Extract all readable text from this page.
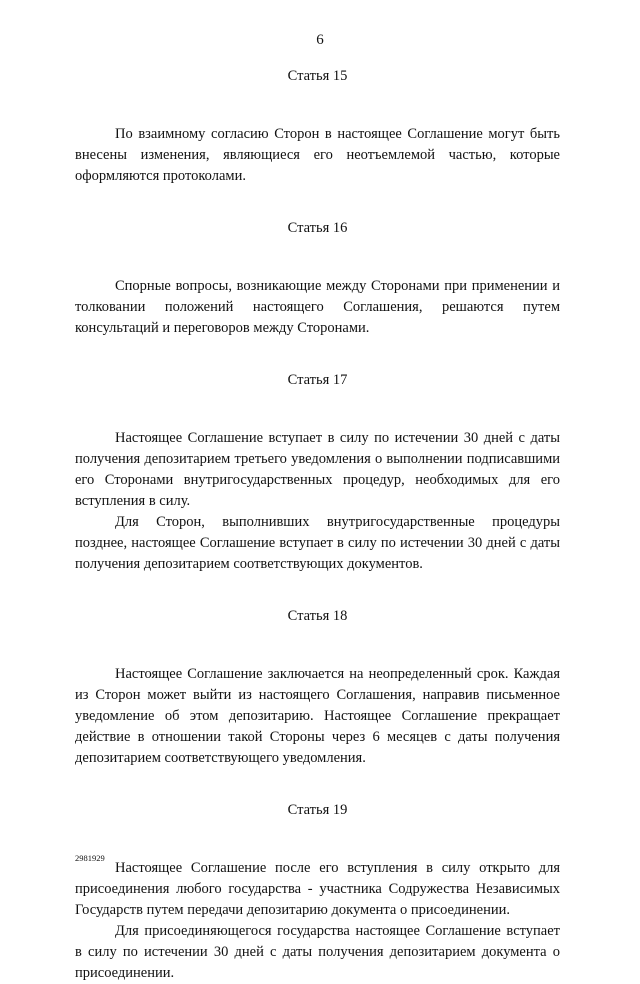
6
Статья 15

По взаимному согласию Сторон в настоящее Соглашение могут быть внесены изменения, являющиеся его неотъемлемой частью, которые оформляются протоколами.

Статья 16

Спорные вопросы, возникающие между Сторонами при применении и толковании положений настоящего Соглашения, решаются путем консультаций и переговоров между Сторонами.

Статья 17

Настоящее Соглашение вступает в силу по истечении 30 дней с даты получения депозитарием третьего уведомления о выполнении подписавшими его Сторонами внутригосударственных процедур, необходимых для его вступления в силу.

Для Сторон, выполнивших внутригосударственные процедуры позднее, настоящее Соглашение вступает в силу по истечении 30 дней с даты получения депозитарием соответствующих документов.

Статья 18

Настоящее Соглашение заключается на неопределенный срок. Каждая из Сторон может выйти из настоящего Соглашения, направив письменное уведомление об этом депозитарию. Настоящее Соглашение прекращает действие в отношении такой Стороны через 6 месяцев с даты получения депозитарием соответствующего уведомления.

Статья 19

Настоящее Соглашение после его вступления в силу открыто для присоединения любого государства - участника Содружества Независимых Государств путем передачи депозитарию документа о присоединении.

Для присоединяющегося государства настоящее Соглашение вступает в силу по истечении 30 дней с даты получения депозитарием документа о присоединении.

2981929
